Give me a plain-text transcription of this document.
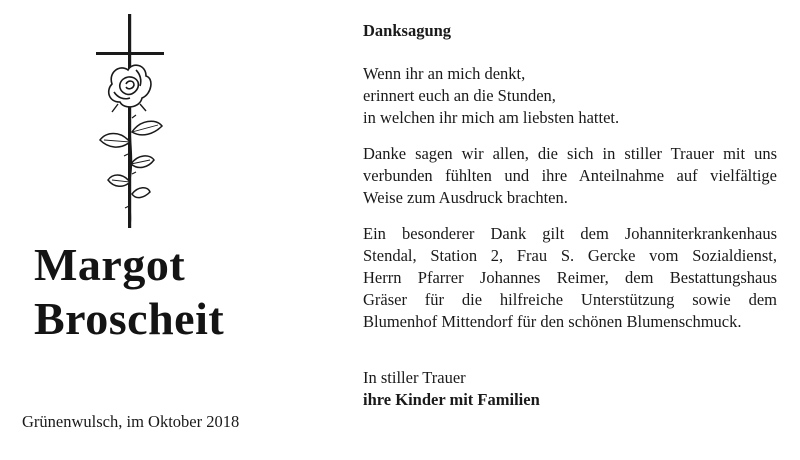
Margot
Broscheit
Grünenwulsch, im Oktober 2018
Danksagung
Wenn ihr an mich denkt,
erinnert euch an die Stunden,
in welchen ihr mich am liebsten hattet.
Danke sagen wir allen, die sich in stiller Trauer mit uns
verbunden fühlten und ihre Anteilnahme auf vielfältige
Weise zum Ausdruck brachten.
Ein besonderer Dank gilt dem Johanniterkrankenhaus
Stendal, Station 2, Frau S. Gercke vom Sozialdienst,
Herrn Pfarrer Johannes Reimer, dem Bestattungshaus
Gräser für die hilfreiche Unterstützung sowie dem
Blumenhof Mittendorf für den schönen Blumenschmuck.
In stiller Trauer
ihre Kinder mit Familien
